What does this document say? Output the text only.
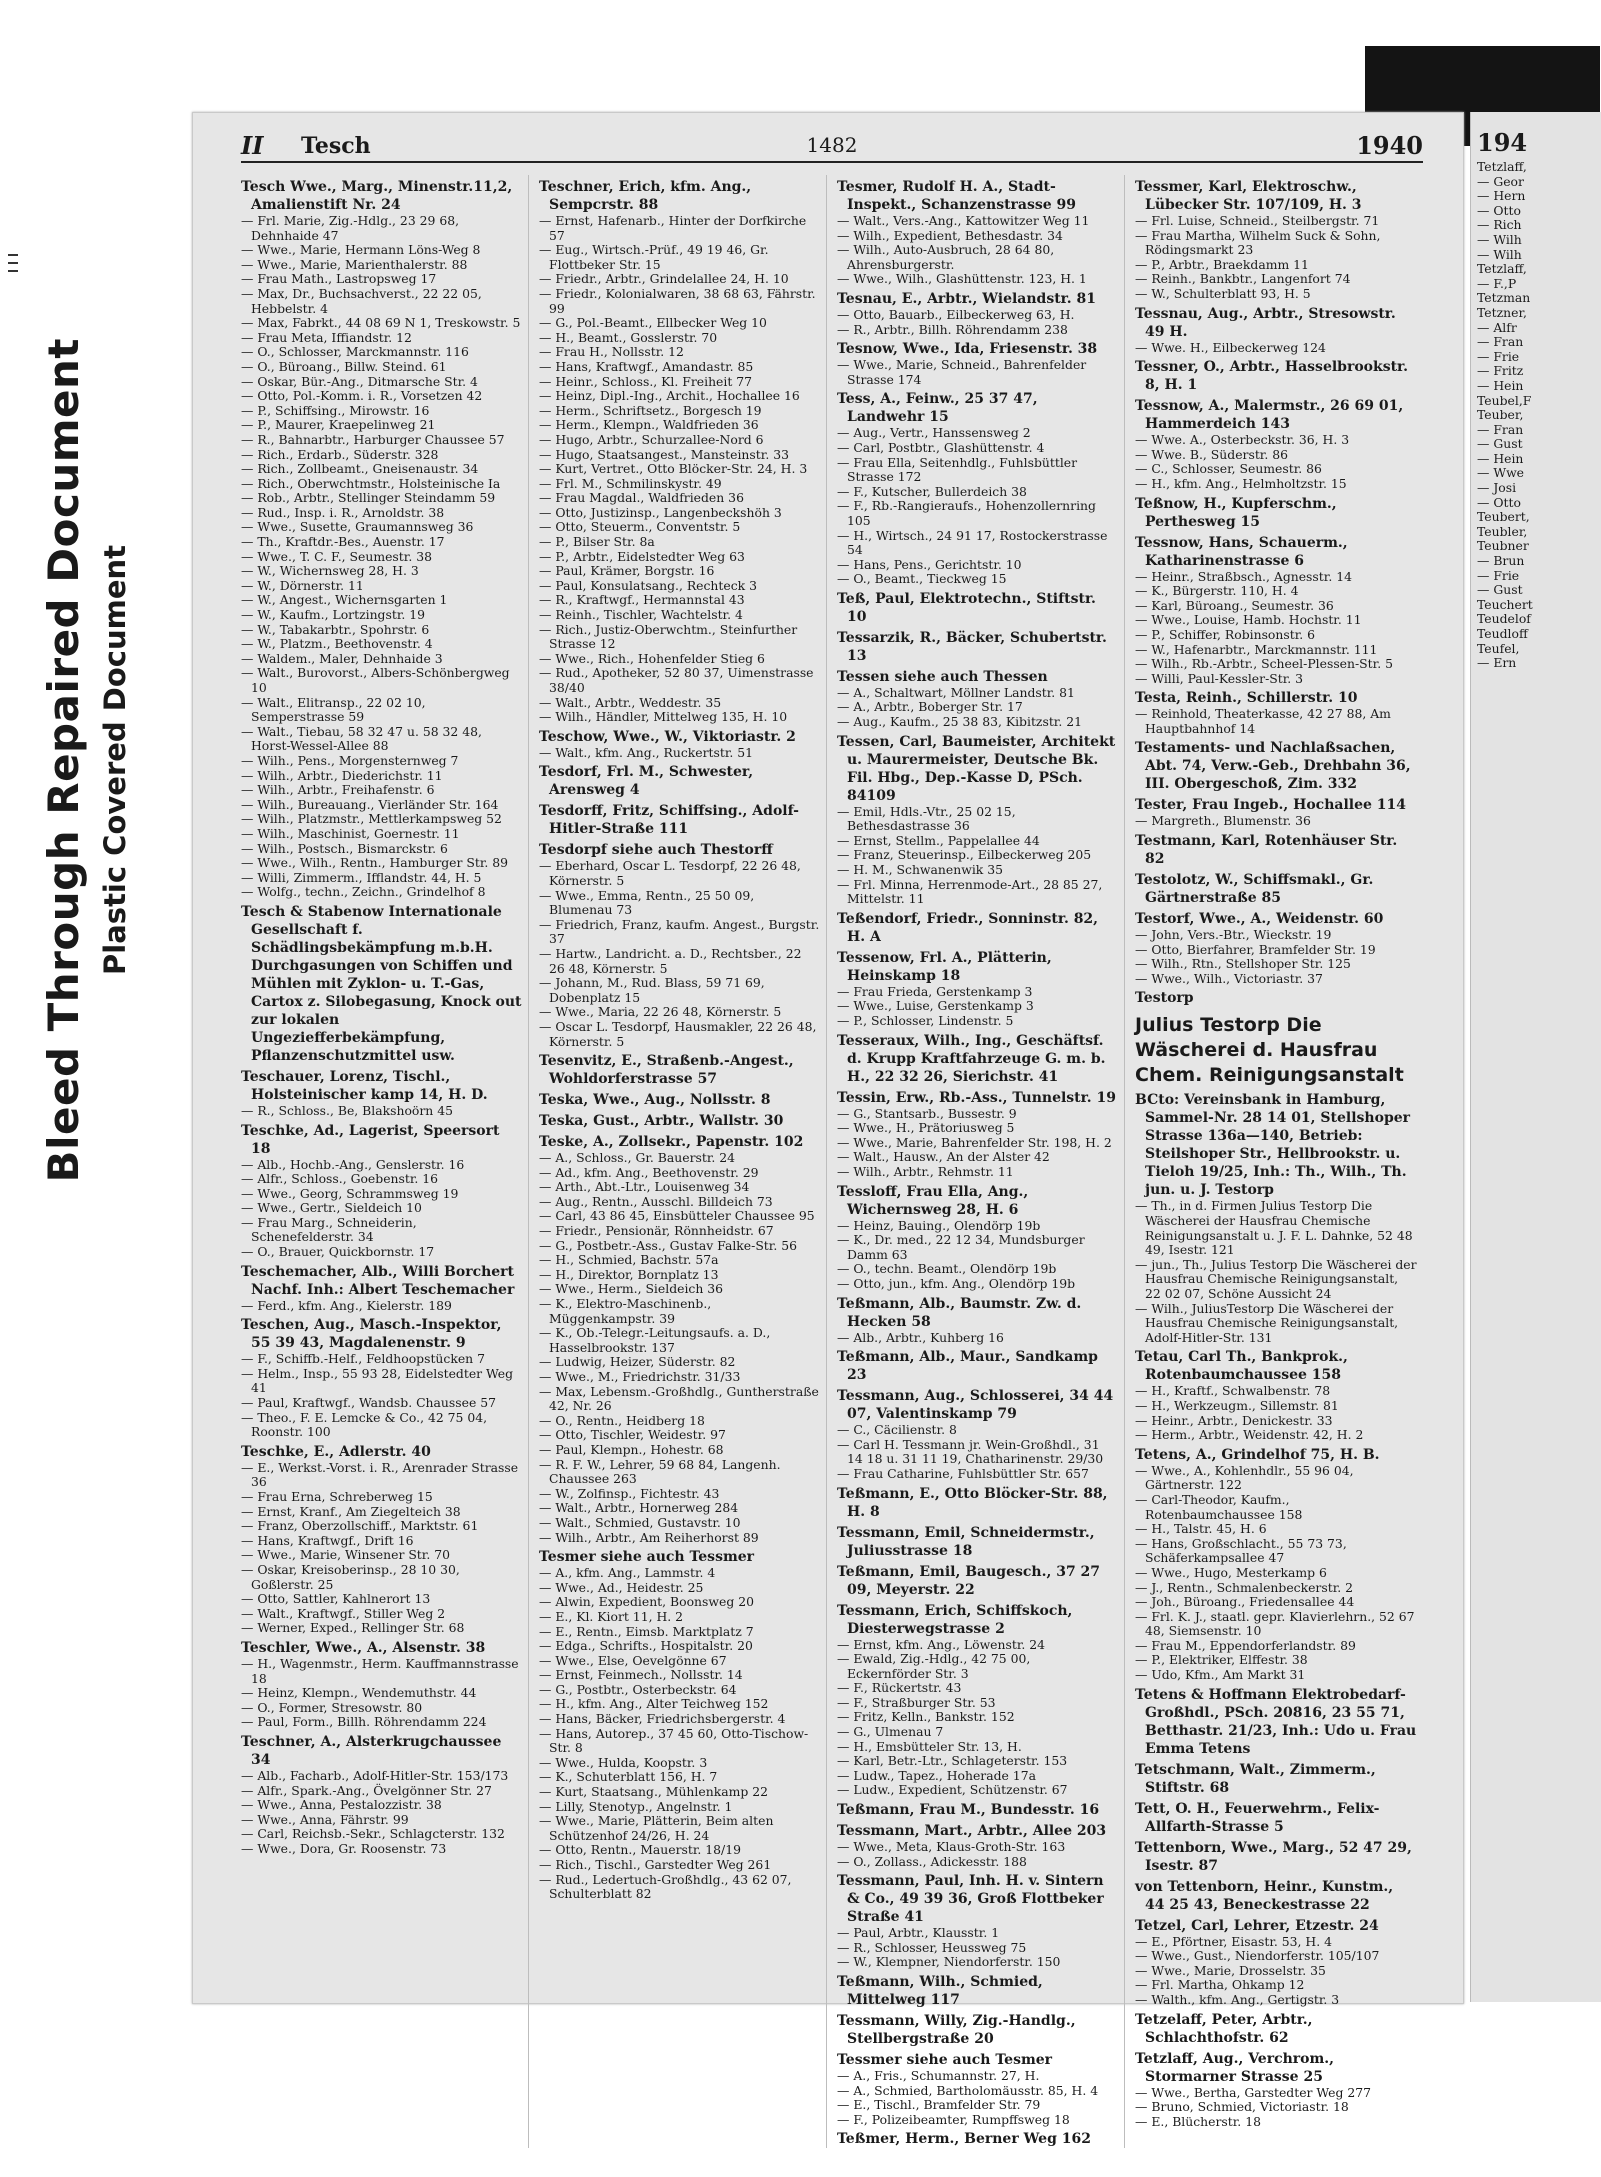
Bleed Through Repaired Document Plastic Covered Document
II Tesch	1482	1940

Tesch Wwe., Marg., Minenstr.11,2, Amalienstift Nr. 24

— Frl. Marie, Zig.-Hdlg., 23 29 68, Dehnhaide 47

— Wwe., Marie, Hermann Löns-Weg 8

— Wwe., Marie, Marienthalerstr. 88

— Frau Math., Lastropsweg 17

— Max, Dr., Buchsachverst., 22 22 05, Hebbelstr. 4

— Max, Fabrkt., 44 08 69 N 1, Treskowstr. 5

— Frau Meta, Iffiandstr. 12

— O., Schlosser, Marckmannstr. 116

— O., Büroang., Billw. Steind. 61

— Oskar, Bür.-Ang., Ditmarsche Str. 4

— Otto, Pol.-Komm. i. R., Vorsetzen 42

— P., Schiffsing., Mirowstr. 16

— P., Maurer, Kraepelinweg 21

— R., Bahnarbtr., Harburger Chaussee 57

— Rich., Erdarb., Süderstr. 328

— Rich., Zollbeamt., Gneisenaustr. 34

— Rich., Oberwchtmstr., Holsteinische Ia

— Rob., Arbtr., Stellinger Steindamm 59

— Rud., Insp. i. R., Arnoldstr. 38

— Wwe., Susette, Graumannsweg 36

— Th., Kraftdr.-Bes., Auenstr. 17

— Wwe., T. C. F., Seumestr. 38

— W., Wichernsweg 28, H. 3

— W., Dörnerstr. 11

— W., Angest., Wichernsgarten 1

— W., Kaufm., Lortzingstr. 19

— W., Tabakarbtr., Spohrstr. 6

— W., Platzm., Beethovenstr. 4

— Waldem., Maler, Dehnhaide 3

— Walt., Burovorst., Albers-Schönbergweg 10

— Walt., Elitransp., 22 02 10, Semperstrasse 59

— Walt., Tiebau, 58 32 47 u. 58 32 48, Horst-Wessel-Allee 88

— Wilh., Pens., Morgensternweg 7

— Wilh., Arbtr., Diederichstr. 11

— Wilh., Arbtr., Freihafenstr. 6

— Wilh., Bureauang., Vierländer Str. 164

— Wilh., Platzmstr., Mettlerkampsweg 52

— Wilh., Maschinist, Goernestr. 11

— Wilh., Postsch., Bismarckstr. 6

— Wwe., Wilh., Rentn., Hamburger Str. 89

— Willi, Zimmerm., Ifflandstr. 44, H. 5

— Wolfg., techn., Zeichn., Grindelhof 8

Tesch & Stabenow Internationale Gesellschaft f. Schädlingsbekämpfung m.b.H. Durchgasungen von Schiffen und Mühlen mit Zyklon- u. T.-Gas, Cartox z. Silobegasung, Knock out zur lokalen Ungeziefferbekämpfung, Pflanzenschutzmittel usw.

Teschauer, Lorenz, Tischl., Holsteinischer kamp 14, H. D.

— R., Schloss., Be, Blakshoörn 45

Teschke, Ad., Lagerist, Speersort 18

— Alb., Hochb.-Ang., Genslerstr. 16

— Alfr., Schloss., Goebenstr. 16

— Wwe., Georg, Schrammsweg 19

— Wwe., Gertr., Sieldeich 10

— Frau Marg., Schneiderin, Schenefelderstr. 34

— O., Brauer, Quickbornstr. 17

Teschemacher, Alb., Willi Borchert Nachf. Inh.: Albert Teschemacher

— Ferd., kfm. Ang., Kielerstr. 189

Teschen, Aug., Masch.-Inspektor, 55 39 43, Magdalenenstr. 9

— F., Schiffb.-Helf., Feldhoopstücken 7

— Helm., Insp., 55 93 28, Eidelstedter Weg 41

— Paul, Kraftwgf., Wandsb. Chaussee 57

— Theo., F. E. Lemcke & Co., 42 75 04, Roonstr. 100

Teschke, E., Adlerstr. 40

— E., Werkst.-Vorst. i. R., Arenrader Strasse 36

— Frau Erna, Schreberweg 15

— Ernst, Kranf., Am Ziegelteich 38

— Franz, Oberzollschiff., Marktstr. 61

— Hans, Kraftwgf., Drift 16

— Wwe., Marie, Winsener Str. 70

— Oskar, Kreisoberinsp., 28 10 30, Goßlerstr. 25

— Otto, Sattler, Kahlnerort 13

— Walt., Kraftwgf., Stiller Weg 2

— Werner, Exped., Rellinger Str. 68

Teschler, Wwe., A., Alsenstr. 38

— H., Wagenmstr., Herm. Kauffmannstrasse 18

— Heinz, Klempn., Wendemuthstr. 44

— O., Former, Stresowstr. 80

— Paul, Form., Billh. Röhrendamm 224

Teschner, A., Alsterkrugchaussee 34

— Alb., Facharb., Adolf-Hitler-Str. 153/173

— Alfr., Spark.-Ang., Övelgönner Str. 27

— Wwe., Anna, Pestalozzistr. 38

— Wwe., Anna, Fährstr. 99

— Carl, Reichsb.-Sekr., Schlagcterstr. 132

— Wwe., Dora, Gr. Roosenstr. 73

Teschner, Erich, kfm. Ang., Sempcrstr. 88

— Ernst, Hafenarb., Hinter der Dorfkirche 57

— Eug., Wirtsch.-Prüf., 49 19 46, Gr. Flottbeker Str. 15

— Friedr., Arbtr., Grindelallee 24, H. 10

— Friedr., Kolonialwaren, 38 68 63, Fährstr. 99

— G., Pol.-Beamt., Ellbecker Weg 10

— H., Beamt., Gosslerstr. 70

— Frau H., Nollsstr. 12

— Hans, Kraftwgf., Amandastr. 85

— Heinr., Schloss., Kl. Freiheit 77

— Heinz, Dipl.-Ing., Archit., Hochallee 16

— Herm., Schriftsetz., Borgesch 19

— Herm., Klempn., Waldfrieden 36

— Hugo, Arbtr., Schurzallee-Nord 6

— Hugo, Staatsangest., Mansteinstr. 33

— Kurt, Vertret., Otto Blöcker-Str. 24, H. 3

— Frl. M., Schmilinskystr. 49

— Frau Magdal., Waldfrieden 36

— Otto, Justizinsp., Langenbeckshöh 3

— Otto, Steuerm., Conventstr. 5

— P., Bilser Str. 8a

— P., Arbtr., Eidelstedter Weg 63

— Paul, Krämer, Borgstr. 16

— Paul, Konsulatsang., Rechteck 3

— R., Kraftwgf., Hermannstal 43

— Reinh., Tischler, Wachtelstr. 4

— Rich., Justiz-Oberwchtm., Steinfurther Strasse 12

— Wwe., Rich., Hohenfelder Stieg 6

— Rud., Apotheker, 52 80 37, Uimenstrasse 38/40

— Walt., Arbtr., Weddestr. 35

— Wilh., Händler, Mittelweg 135, H. 10

Teschow, Wwe., W., Viktoriastr. 2

— Walt., kfm. Ang., Ruckertstr. 51

Tesdorf, Frl. M., Schwester, Arensweg 4

Tesdorff, Fritz, Schiffsing., Adolf-Hitler-Straße 111

Tesdorpf siehe auch Thestorff

— Eberhard, Oscar L. Tesdorpf, 22 26 48, Körnerstr. 5

— Wwe., Emma, Rentn., 25 50 09, Blumenau 73

— Friedrich, Franz, kaufm. Angest., Burgstr. 37

— Hartw., Landricht. a. D., Rechtsber., 22 26 48, Körnerstr. 5

— Johann, M., Rud. Blass, 59 71 69, Dobenplatz 15

— Wwe., Maria, 22 26 48, Körnerstr. 5

— Oscar L. Tesdorpf, Hausmakler, 22 26 48, Körnerstr. 5

Tesenvitz, E., Straßenb.-Angest., Wohldorferstrasse 57

Teska, Wwe., Aug., Nollsstr. 8

Teska, Gust., Arbtr., Wallstr. 30

Teske, A., Zollsekr., Papenstr. 102

— A., Schloss., Gr. Bauerstr. 24

— Ad., kfm. Ang., Beethovenstr. 29

— Arth., Abt.-Ltr., Louisenweg 34

— Aug., Rentn., Ausschl. Billdeich 73

— Carl, 43 86 45, Einsbütteler Chaussee 95

— Friedr., Pensionär, Rönnheidstr. 67

— G., Postbetr.-Ass., Gustav Falke-Str. 56

— H., Schmied, Bachstr. 57a

— H., Direktor, Bornplatz 13

— Wwe., Herm., Sieldeich 36

— K., Elektro-Maschinenb., Müggenkampstr. 39

— K., Ob.-Telegr.-Leitungsaufs. a. D., Hasselbrookstr. 137

— Ludwig, Heizer, Süderstr. 82

— Wwe., M., Friedrichstr. 31/33

— Max, Lebensm.-Großhdlg., Guntherstraße 42, Nr. 26

— O., Rentn., Heidberg 18

— Otto, Tischler, Weidestr. 97

— Paul, Klempn., Hohestr. 68

— R. F. W., Lehrer, 59 68 84, Langenh. Chaussee 263

— W., Zolfinsp., Fichtestr. 43

— Walt., Arbtr., Hornerweg 284

— Walt., Schmied, Gustavstr. 10

— Wilh., Arbtr., Am Reiherhorst 89

Tesmer siehe auch Tessmer

— A., kfm. Ang., Lammstr. 4

— Wwe., Ad., Heidestr. 25

— Alwin, Expedient, Boonsweg 20

— E., Kl. Kiort 11, H. 2

— E., Rentn., Eimsb. Marktplatz 7

— Edga., Schrifts., Hospitalstr. 20

— Wwe., Else, Oevelgönne 67

— Ernst, Feinmech., Nollsstr. 14

— G., Postbtr., Osterbeckstr. 64

— H., kfm. Ang., Alter Teichweg 152

— Hans, Bäcker, Friedrichsbergerstr. 4

— Hans, Autorep., 37 45 60, Otto-Tischow-Str. 8

— Wwe., Hulda, Koopstr. 3

— K., Schuterblatt 156, H. 7

— Kurt, Staatsang., Mühlenkamp 22

— Lilly, Stenotyp., Angelnstr. 1

— Wwe., Marie, Plätterin, Beim alten Schützenhof 24/26, H. 24

— Otto, Rentn., Mauerstr. 18/19

— Rich., Tischl., Garstedter Weg 261

— Rud., Ledertuch-Großhdlg., 43 62 07, Schulterblatt 82

Tesmer, Rudolf H. A., Stadt-Inspekt., Schanzenstrasse 99

— Walt., Vers.-Ang., Kattowitzer Weg 11

— Wilh., Expedient, Bethesdastr. 34

— Wilh., Auto-Ausbruch, 28 64 80, Ahrensburgerstr.

— Wwe., Wilh., Glashüttenstr. 123, H. 1

Tesnau, E., Arbtr., Wielandstr. 81

— Otto, Bauarb., Eilbeckerweg 63, H.

— R., Arbtr., Billh. Röhrendamm 238

Tesnow, Wwe., Ida, Friesenstr. 38

— Wwe., Marie, Schneid., Bahrenfelder Strasse 174

Tess, A., Feinw., 25 37 47, Landwehr 15

— Aug., Vertr., Hanssensweg 2

— Carl, Postbtr., Glashüttenstr. 4

— Frau Ella, Seitenhdlg., Fuhlsbüttler Strasse 172

— F., Kutscher, Bullerdeich 38

— F., Rb.-Rangieraufs., Hohenzollernring 105

— H., Wirtsch., 24 91 17, Rostockerstrasse 54

— Hans, Pens., Gerichtstr. 10

— O., Beamt., Tieckweg 15

Teß, Paul, Elektrotechn., Stiftstr. 10

Tessarzik, R., Bäcker, Schubertstr. 13

Tessen siehe auch Thessen

— A., Schaltwart, Möllner Landstr. 81

— A., Arbtr., Boberger Str. 17

— Aug., Kaufm., 25 38 83, Kibitzstr. 21

Tessen, Carl, Baumeister, Architekt u. Maurermeister, Deutsche Bk. Fil. Hbg., Dep.-Kasse D, PSch. 84109

— Emil, Hdls.-Vtr., 25 02 15, Bethesdastrasse 36

— Ernst, Stellm., Pappelallee 44

— Franz, Steuerinsp., Eilbeckerweg 205

— H. M., Schwanenwik 35

— Frl. Minna, Herrenmode-Art., 28 85 27, Mittelstr. 11

Teßendorf, Friedr., Sonninstr. 82, H. A

Tessenow, Frl. A., Plätterin, Heinskamp 18

— Frau Frieda, Gerstenkamp 3

— Wwe., Luise, Gerstenkamp 3

— P., Schlosser, Lindenstr. 5

Tesseraux, Wilh., Ing., Geschäftsf. d. Krupp Kraftfahrzeuge G. m. b. H., 22 32 26, Sierichstr. 41

Tessin, Erw., Rb.-Ass., Tunnelstr. 19

— G., Stantsarb., Bussestr. 9

— Wwe., H., Prätoriusweg 5

— Wwe., Marie, Bahrenfelder Str. 198, H. 2

— Walt., Hausw., An der Alster 42

— Wilh., Arbtr., Rehmstr. 11

Tessloff, Frau Ella, Ang., Wichernsweg 28, H. 6

— Heinz, Bauing., Olendörp 19b

— K., Dr. med., 22 12 34, Mundsburger Damm 63

— O., techn. Beamt., Olendörp 19b

— Otto, jun., kfm. Ang., Olendörp 19b

Teßmann, Alb., Baumstr. Zw. d. Hecken 58

— Alb., Arbtr., Kuhberg 16

Teßmann, Alb., Maur., Sandkamp 23

Tessmann, Aug., Schlosserei, 34 44 07, Valentinskamp 79

— C., Cäcilienstr. 8

— Carl H. Tessmann jr. Wein-Großhdl., 31 14 18 u. 31 11 19, Chatharinenstr. 29/30

— Frau Catharine, Fuhlsbüttler Str. 657

Teßmann, E., Otto Blöcker-Str. 88, H. 8

Tessmann, Emil, Schneidermstr., Juliusstrasse 18

Teßmann, Emil, Baugesch., 37 27 09, Meyerstr. 22

Tessmann, Erich, Schiffskoch, Diesterwegstrasse 2

— Ernst, kfm. Ang., Löwenstr. 24

— Ewald, Zig.-Hdlg., 42 75 00, Eckernförder Str. 3

— F., Rückertstr. 43

— F., Straßburger Str. 53

— Fritz, Kelln., Bankstr. 152

— G., Ulmenau 7

— H., Emsbütteler Str. 13, H.

— Karl, Betr.-Ltr., Schlageterstr. 153

— Ludw., Tapez., Hoherade 17a

— Ludw., Expedient, Schützenstr. 67

Teßmann, Frau M., Bundesstr. 16

Tessmann, Mart., Arbtr., Allee 203

— Wwe., Meta, Klaus-Groth-Str. 163

— O., Zollass., Adickesstr. 188

Tessmann, Paul, Inh. H. v. Sintern & Co., 49 39 36, Groß Flottbeker Straße 41

— Paul, Arbtr., Klausstr. 1

— R., Schlosser, Heussweg 75

— W., Klempner, Niendorferstr. 150

Teßmann, Wilh., Schmied, Mittelweg 117

Tessmann, Willy, Zig.-Handlg., Stellbergstraße 20

Tessmer siehe auch Tesmer

— A., Fris., Schumannstr. 27, H.

— A., Schmied, Bartholomäusstr. 85, H. 4

— E., Tischl., Bramfelder Str. 79

— F., Polizeibeamter, Rumpffsweg 18

Teßmer, Herm., Berner Weg 162

Tessmer, Karl, Elektroschw., Lübecker Str. 107/109, H. 3

— Frl. Luise, Schneid., Steilbergstr. 71

— Frau Martha, Wilhelm Suck & Sohn, Rödingsmarkt 23

— P., Arbtr., Braekdamm 11

— Reinh., Bankbtr., Langenfort 74

— W., Schulterblatt 93, H. 5

Tessnau, Aug., Arbtr., Stresowstr. 49 H.

— Wwe. H., Eilbeckerweg 124

Tessner, O., Arbtr., Hasselbrookstr. 8, H. 1

Tessnow, A., Malermstr., 26 69 01, Hammerdeich 143

— Wwe. A., Osterbeckstr. 36, H. 3

— Wwe. B., Süderstr. 86

— C., Schlosser, Seumestr. 86

— H., kfm. Ang., Helmholtzstr. 15

Teßnow, H., Kupferschm., Perthesweg 15

Tessnow, Hans, Schauerm., Katharinenstrasse 6

— Heinr., Straßbsch., Agnesstr. 14

— K., Bürgerstr. 110, H. 4

— Karl, Büroang., Seumestr. 36

— Wwe., Louise, Hamb. Hochstr. 11

— P., Schiffer, Robinsonstr. 6

— W., Hafenarbtr., Marckmannstr. 111

— Wilh., Rb.-Arbtr., Scheel-Plessen-Str. 5

— Willi, Paul-Kessler-Str. 3

Testa, Reinh., Schillerstr. 10

— Reinhold, Theaterkasse, 42 27 88, Am Hauptbahnhof 14

Testaments- und Nachlaßsachen, Abt. 74, Verw.-Geb., Drehbahn 36, III. Obergeschoß, Zim. 332

Tester, Frau Ingeb., Hochallee 114

— Margreth., Blumenstr. 36

Testmann, Karl, Rotenhäuser Str. 82

Testolotz, W., Schiffsmakl., Gr. Gärtnerstraße 85

Testorf, Wwe., A., Weidenstr. 60

— John, Vers.-Btr., Wieckstr. 19

— Otto, Bierfahrer, Bramfelder Str. 19

— Wilh., Rtn., Stellshoper Str. 125

— Wwe., Wilh., Victoriastr. 37

Testorp

Julius Testorp Die Wäscherei d. Hausfrau Chem. Reinigungsanstalt

BCto: Vereinsbank in Hamburg, Sammel-Nr. 28 14 01, Stellshoper Strasse 136a—140, Betrieb: Steilshoper Str., Hellbrookstr. u. Tieloh 19/25, Inh.: Th., Wilh., Th. jun. u. J. Testorp

— Th., in d. Firmen Julius Testorp Die Wäscherei der Hausfrau Chemische Reinigungsanstalt u. J. F. L. Dahnke, 52 48 49, Isestr. 121

— jun., Th., Julius Testorp Die Wäscherei der Hausfrau Chemische Reinigungsanstalt, 22 02 07, Schöne Aussicht 24

— Wilh., JuliusTestorp Die Wäscherei der Hausfrau Chemische Reinigungsanstalt, Adolf-Hitler-Str. 131

Tetau, Carl Th., Bankprok., Rotenbaumchaussee 158

— H., Kraftf., Schwalbenstr. 78

— H., Werkzeugm., Sillemstr. 81

— Heinr., Arbtr., Denickestr. 33

— Herm., Arbtr., Weidenstr. 42, H. 2

Tetens, A., Grindelhof 75, H. B.

— Wwe., A., Kohlenhdlr., 55 96 04, Gärtnerstr. 122

— Carl-Theodor, Kaufm., Rotenbaumchaussee 158

— H., Talstr. 45, H. 6

— Hans, Großschlacht., 55 73 73, Schäferkampsallee 47

— Wwe., Hugo, Mesterkamp 6

— J., Rentn., Schmalenbeckerstr. 2

— Joh., Büroang., Friedensallee 44

— Frl. K. J., staatl. gepr. Klavierlehrn., 52 67 48, Siemsenstr. 10

— Frau M., Eppendorferlandstr. 89

— P., Elektriker, Elffestr. 38

— Udo, Kfm., Am Markt 31

Tetens & Hoffmann Elektrobedarf-Großhdl., PSch. 20816, 23 55 71, Betthastr. 21/23, Inh.: Udo u. Frau Emma Tetens

Tetschmann, Walt., Zimmerm., Stiftstr. 68

Tett, O. H., Feuerwehrm., Felix-Allfarth-Strasse 5

Tettenborn, Wwe., Marg., 52 47 29, Isestr. 87

von Tettenborn, Heinr., Kunstm., 44 25 43, Beneckestrasse 22

Tetzel, Carl, Lehrer, Etzestr. 24

— E., Pförtner, Eisastr. 53, H. 4

— Wwe., Gust., Niendorferstr. 105/107

— Wwe., Marie, Drosselstr. 35

— Frl. Martha, Ohkamp 12

— Walth., kfm. Ang., Gertigstr. 3

Tetzelaff, Peter, Arbtr., Schlachthofstr. 62

Tetzlaff, Aug., Verchrom., Stormarner Strasse 25

— Wwe., Bertha, Garstedter Weg 277

— Bruno, Schmied, Victoriastr. 18

— E., Blücherstr. 18

194
Tetzlaff,
— Geor
— Hern
— Otto
— Rich
— Wilh
— Wilh
Tetzlaff,
— F.,P
Tetzman
Tetzner,
— Alfr
— Fran
— Frie
— Fritz
— Hein
Teubel,F
Teuber,
— Fran
— Gust
— Hein
— Wwe
— Josi
— Otto
Teubert,
Teubler,
Teubner
— Brun
— Frie
— Gust
Teuchert
Teudelof
Teudloff
Teufel,
— Ern
